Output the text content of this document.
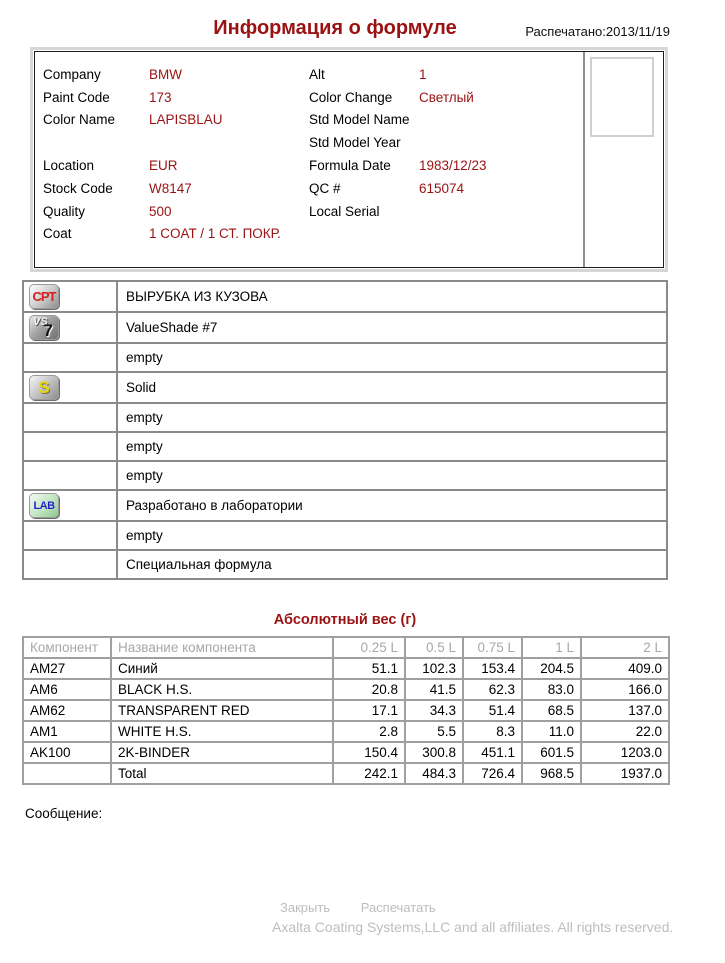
Информация о формуле	Распечатано:2013/11/19
Company	BMW
Paint Code	173
Color Name	LAPISBLAU
Location	EUR
Stock Code	W8147
Quality	500
Coat	1 COAT / 1 СТ. ПОКР.
Alt	1
Color Change	Светлый
Std Model Name
Std Model Year
Formula Date	1983/12/23
QC #	615074
Local Serial
CPT	ВЫРУБКА ИЗ КУЗОВА

VS
7	ValueShade #7
	empty

S	Solid
	empty
	empty
	empty

LAB	Разработано в лаборатории
	empty
	Специальная формула
Абсолютный вес (г)
Компонент	Название компонента	0.25 L	0.5 L	0.75 L	1 L	2 L
AM27	Синий	51.1	102.3	153.4	204.5	409.0
AM6	BLACK H.S.	20.8	41.5	62.3	83.0	166.0
AM62	TRANSPARENT RED	17.1	34.3	51.4	68.5	137.0
AM1	WHITE H.S.	2.8	5.5	8.3	11.0	22.0
AK100	2K-BINDER	150.4	300.8	451.1	601.5	1203.0
	Total	242.1	484.3	726.4	968.5	1937.0
Сообщение:
Закрыть Распечатать
Axalta Coating Systems,LLC and all affiliates. All rights reserved.
